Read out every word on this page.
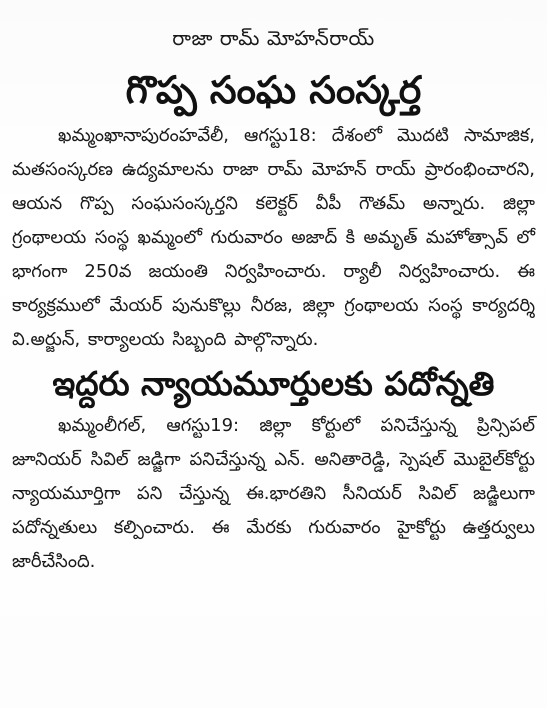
రాజా రామ్ మోహన్‌రాయ్
గొప్ప సంఘ సంస్కర్త

ఖమ్మంఖానాపురంహవేలీ, ఆగస్టు18: దేశంలో మొదటి సామాజిక, మతసంస్కరణ ఉద్యమాలను రాజా రామ్ మోహన్ రాయ్ ప్రారంభించారని, ఆయన గొప్ప సంఘసంస్కర్తని కలెక్టర్ వీపీ గౌతమ్ అన్నారు. జిల్లా గ్రంథాలయ సంస్థ ఖమ్మంలో గురువారం అజాద్ కి అమృత్ మహోత్సావ్ లో భాగంగా 250వ జయంతి నిర్వహించారు. ర్యాలీ నిర్వహించారు. ఈ కార్యక్రములో మేయర్ పునుకొల్లు నీరజ, జిల్లా గ్రంథాలయ సంస్థ కార్యదర్శి వి.అర్జున్, కార్యాలయ సిబ్బంది పాల్గొన్నారు.

ఇద్దరు న్యాయమూర్తులకు పదోన్నతి

ఖమ్మంలీగల్, ఆగస్టు19: జిల్లా కోర్టులో పనిచేస్తున్న ప్రిన్సిపల్ జూనియర్ సివిల్ జడ్జిగా పనిచేస్తున్న ఎన్. అనితారెడ్డి, స్పెషల్ మొబైల్‌కోర్టు న్యాయమూర్తిగా పని చేస్తున్న ఈ.భారతిని సీనియర్ సివిల్ జడ్జిలుగా పదోన్నతులు కల్పించారు. ఈ మేరకు గురువారం హైకోర్టు ఉత్తర్వులు జారీచేసింది.
